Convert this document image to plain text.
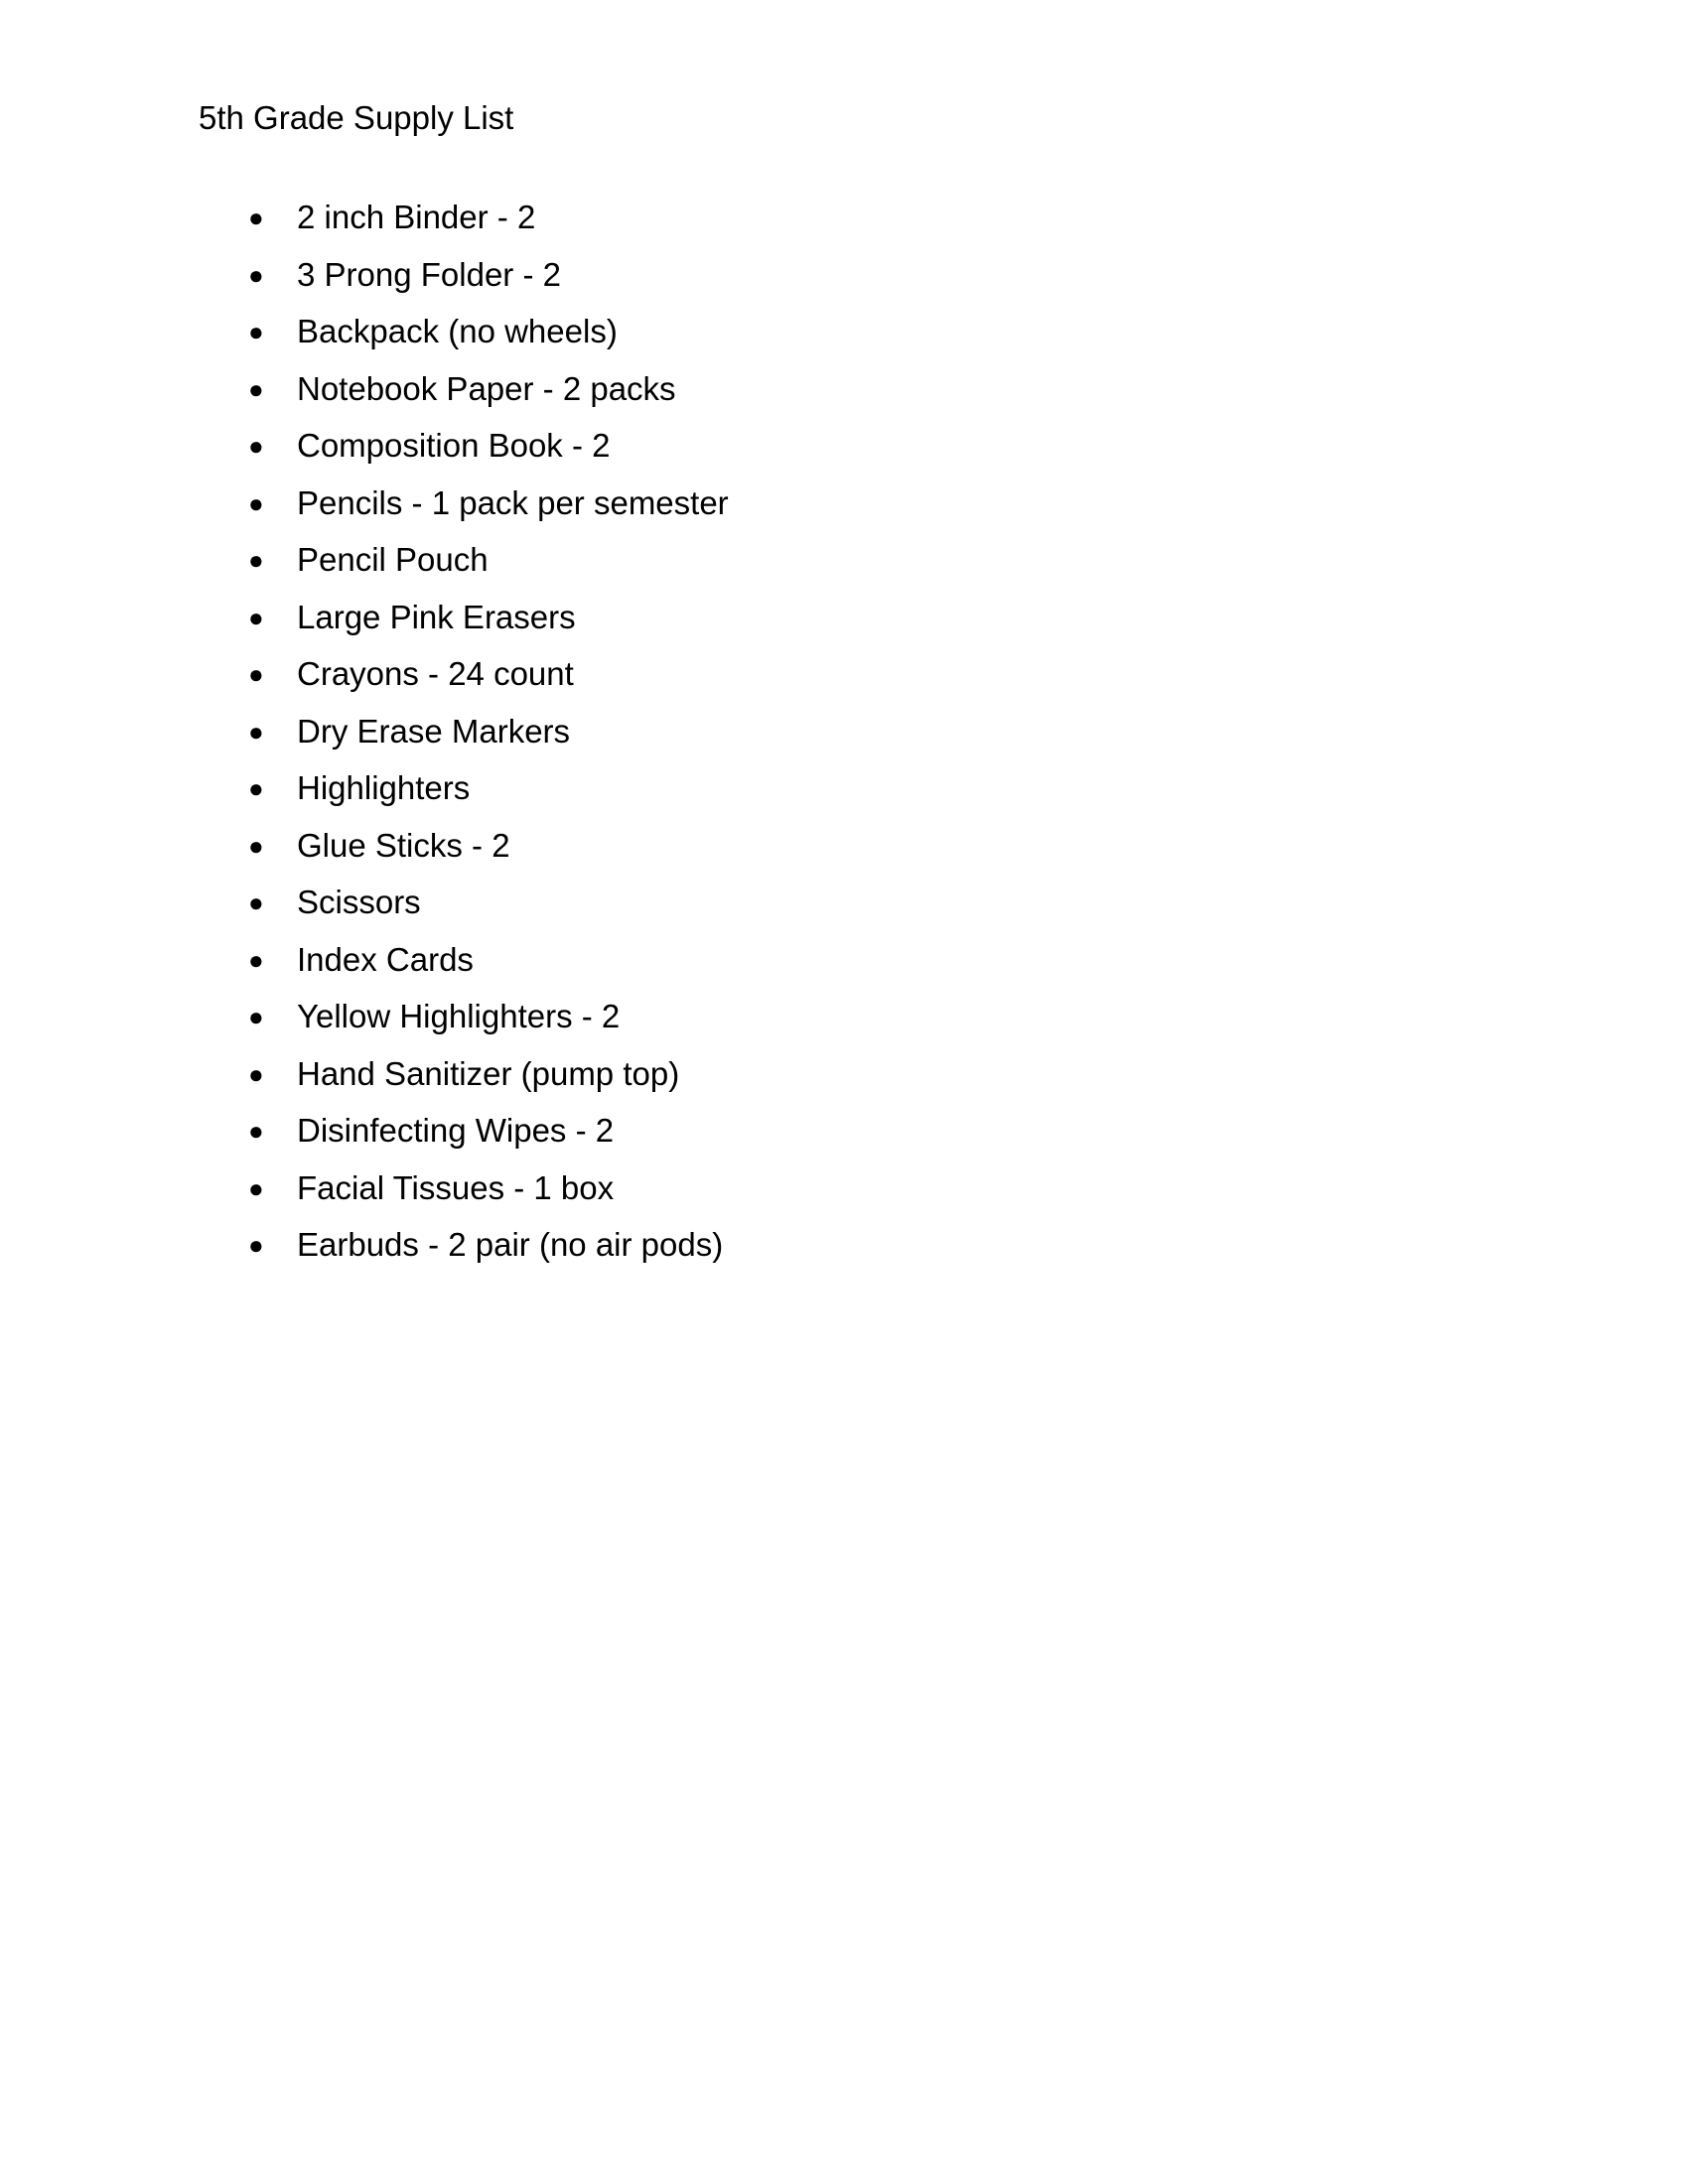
5th Grade Supply List
●	2 inch Binder - 2
●	3 Prong Folder - 2
●	Backpack (no wheels)
●	Notebook Paper - 2 packs
●	Composition Book - 2
●	Pencils - 1 pack per semester
●	Pencil Pouch
●	Large Pink Erasers
●	Crayons - 24 count
●	Dry Erase Markers
●	Highlighters
●	Glue Sticks - 2
●	Scissors
●	Index Cards
●	Yellow Highlighters - 2
●	Hand Sanitizer (pump top)
●	Disinfecting Wipes - 2
●	Facial Tissues - 1 box
●	Earbuds - 2 pair (no air pods)
